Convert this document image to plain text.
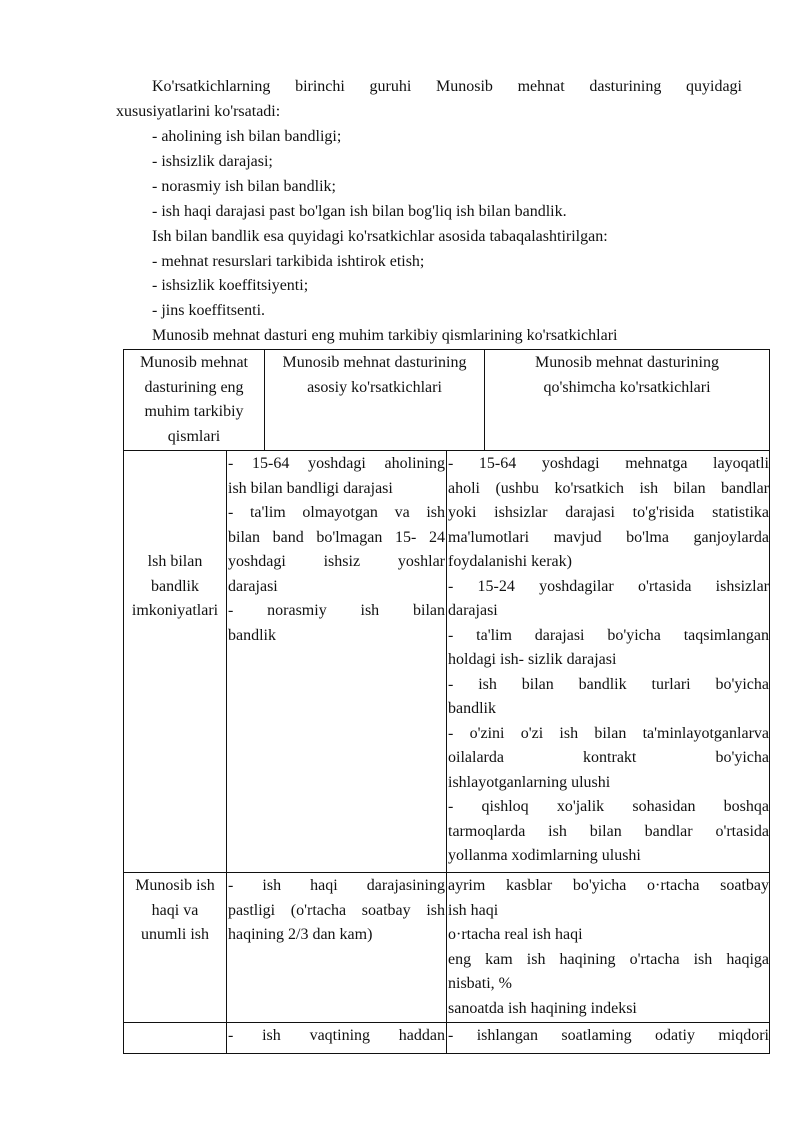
Ko'rsatkichlarning birinchi guruhi Munosib mehnat dasturining quyidagi
xususiyatlarini ko'rsatadi:
- aholining ish bilan bandligi;
- ishsizlik darajasi;
- norasmiy ish bilan bandlik;
- ish haqi darajasi past bo'lgan ish bilan bog'liq ish bilan bandlik.
Ish bilan bandlik esa quyidagi ko'rsatkichlar asosida tabaqalashtirilgan:
- mehnat resurslari tarkibida ishtirok etish;
- ishsizlik koeffitsiyenti;
- jins koeffitsenti.
Munosib mehnat dasturi eng muhim tarkibiy qismlarining ko'rsatkichlari
Munosib mehnat
dasturining eng
muhim tarkibiy
qismlari
Munosib mehnat dasturining
asosiy ko'rsatkichlari
Munosib mehnat dasturining
qo'shimcha ko'rsatkichlari
lsh bilan
bandlik
imkoniyatlari
- 15-64 yoshdagi aholining
ish bilan bandligi darajasi
- ta'lim olmayotgan va ish
bilan band bo'lmagan 15- 24
yoshdagi ishsiz yoshlar
darajasi
- norasmiy ish bilan
bandlik
- 15-64 yoshdagi mehnatga layoqatli
aholi (ushbu ko'rsatkich ish bilan bandlar
yoki ishsizlar darajasi to'g'risida statistika
ma'lumotlari mavjud bo'lma ganjoylarda
foydalanishi kerak)
- 15-24 yoshdagilar o'rtasida ishsizlar
darajasi
- ta'lim darajasi bo'yicha taqsimlangan
holdagi ish- sizlik darajasi
- ish bilan bandlik turlari bo'yicha
bandlik
- o'zini o'zi ish bilan ta'minlayotganlarva
oilalarda kontrakt bo'yicha
ishlayotganlarning ulushi
- qishloq xo'jalik sohasidan boshqa
tarmoqlarda ish bilan bandlar o'rtasida
yollanma xodimlarning ulushi
Munosib ish
haqi va
unumli ish
- ish haqi darajasining
pastligi (o'rtacha soatbay ish
haqining 2/3 dan kam)
ayrim kasblar bo'yicha o·rtacha soatbay
ish haqi
o·rtacha real ish haqi
eng kam ish haqining o'rtacha ish haqiga
nisbati, %
sanoatda ish haqining indeksi
- ish vaqtining haddan - ishlangan soatlaming odatiy miqdori
